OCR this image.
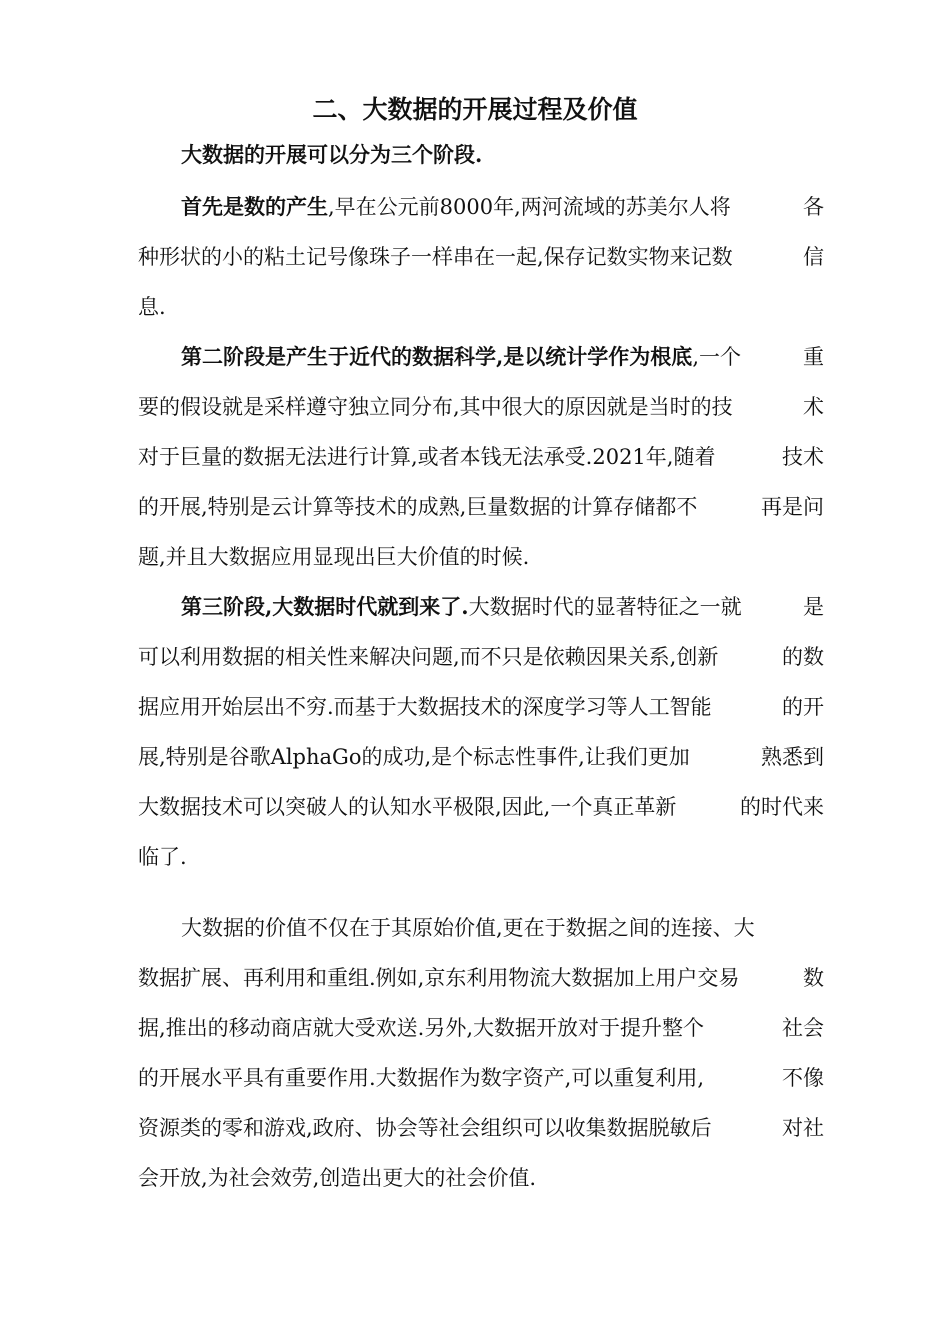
二、大数据的开展过程及价值
大数据的开展可以分为三个阶段.
首先是数的产生,早在公元前8000年,两河流域的苏美尔人将	各
种形状的小的粘土记号像珠子一样串在一起,保存记数实物来记数	信
息.
第二阶段是产生于近代的数据科学,是以统计学作为根底,一个	重
要的假设就是采样遵守独立同分布,其中很大的原因就是当时的技	术
对于巨量的数据无法进行计算,或者本钱无法承受.2021年,随着	技术
的开展,特别是云计算等技术的成熟,巨量数据的计算存储都不	再是问
题,并且大数据应用显现出巨大价值的时候.
第三阶段,大数据时代就到来了.大数据时代的显著特征之一就	是
可以利用数据的相关性来解决问题,而不只是依赖因果关系,创新	的数
据应用开始层出不穷.而基于大数据技术的深度学习等人工智能	的开
展,特别是谷歌AlphaGo的成功,是个标志性事件,让我们更加	熟悉到
大数据技术可以突破人的认知水平极限,因此,一个真正革新	的时代来
临了.
大数据的价值不仅在于其原始价值,更在于数据之间的连接、大
数据扩展、再利用和重组.例如,京东利用物流大数据加上用户交易	数
据,推出的移动商店就大受欢送.另外,大数据开放对于提升整个	社会
的开展水平具有重要作用.大数据作为数字资产,可以重复利用,	不像
资源类的零和游戏,政府、协会等社会组织可以收集数据脱敏后	对社
会开放,为社会效劳,创造出更大的社会价值.
